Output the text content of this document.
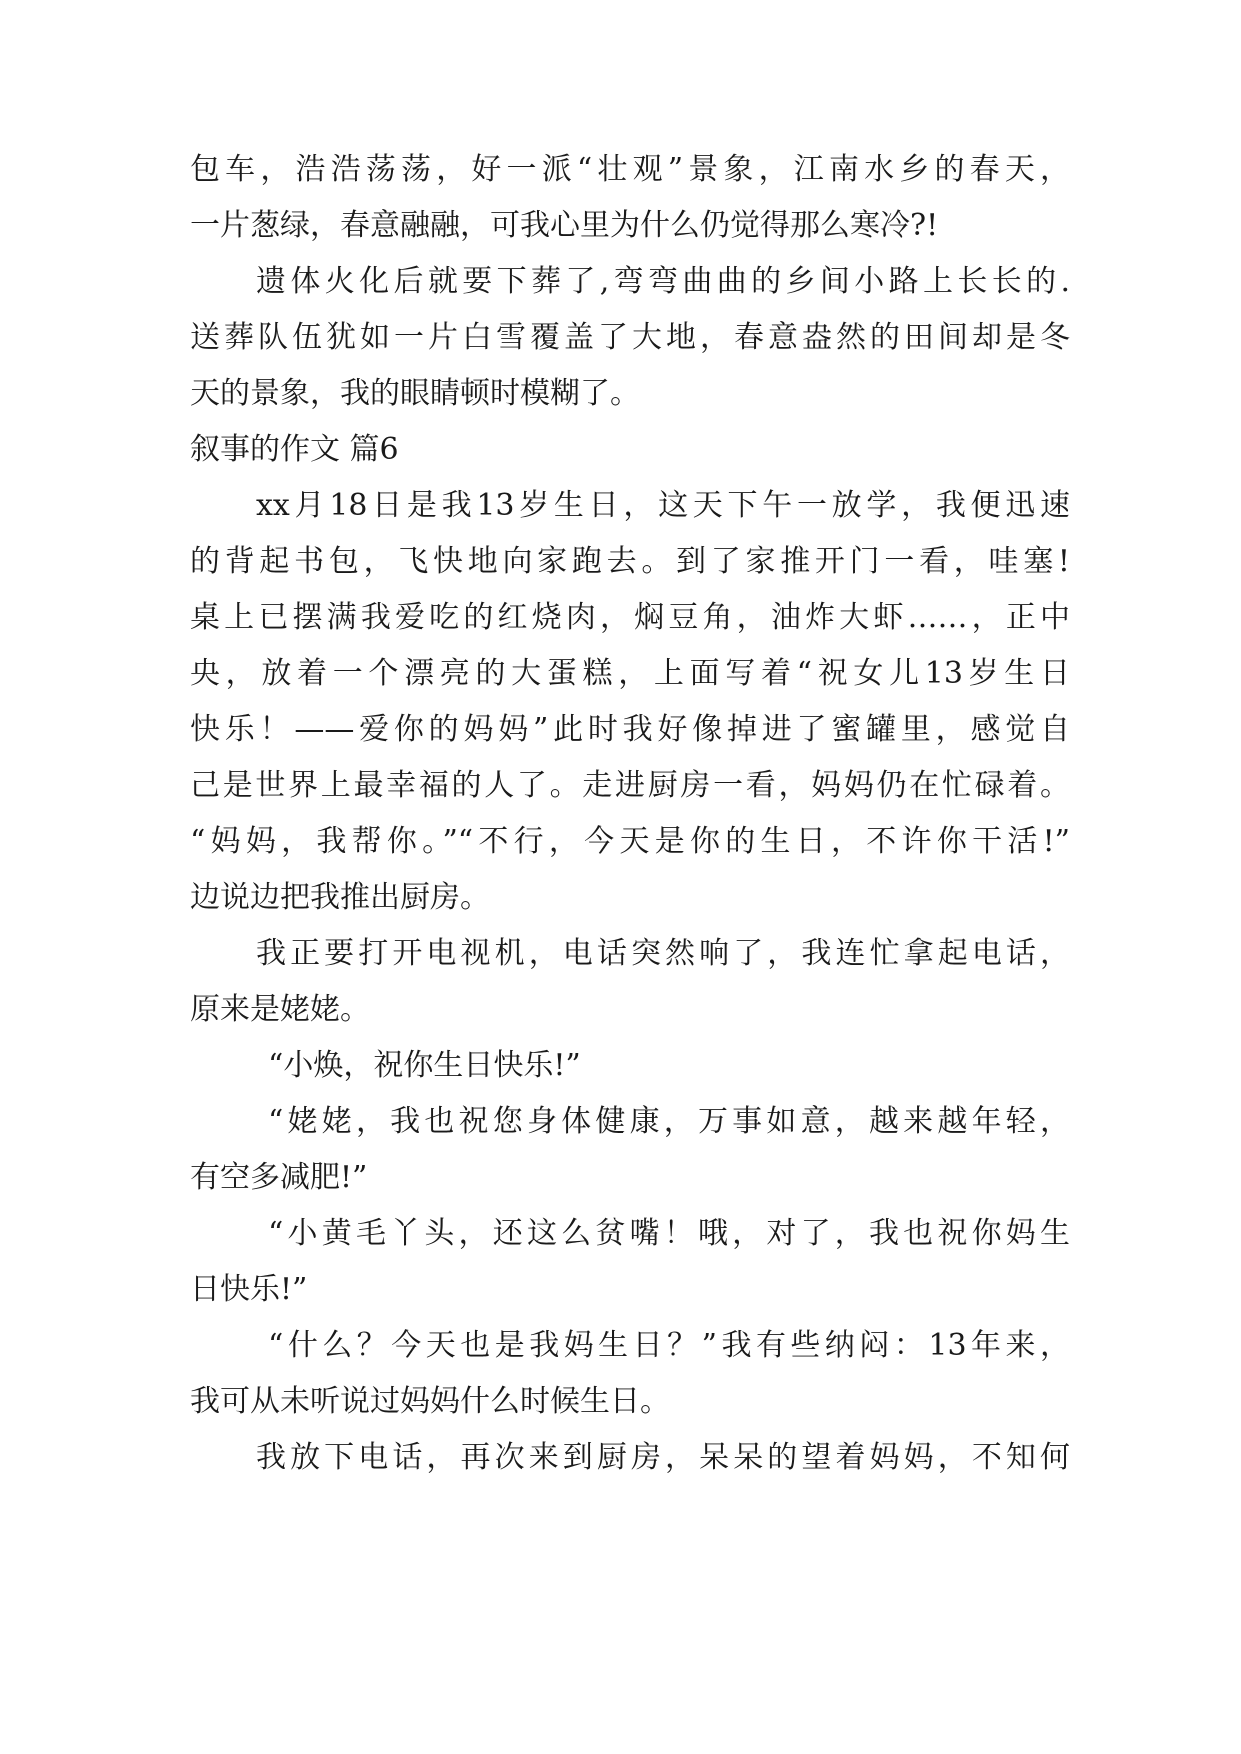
包车，浩浩荡荡，好一派“壮观”景象，江南水乡的春天，
一片葱绿，春意融融，可我心里为什么仍觉得那么寒冷?!
遗体火化后就要下葬了,弯弯曲曲的乡间小路上长长的.
送葬队伍犹如一片白雪覆盖了大地，春意盎然的田间却是冬
天的景象，我的眼睛顿时模糊了。
叙事的作文 篇6
xx月18日是我13岁生日，这天下午一放学，我便迅速
的背起书包，飞快地向家跑去。到了家推开门一看，哇塞!
桌上已摆满我爱吃的红烧肉，焖豆角，油炸大虾……，正中
央，放着一个漂亮的大蛋糕，上面写着“祝女儿13岁生日
快乐！——爱你的妈妈”此时我好像掉进了蜜罐里，感觉自
己是世界上最幸福的人了。走进厨房一看，妈妈仍在忙碌着。
“妈妈，我帮你。”“不行，今天是你的生日，不许你干活!”
边说边把我推出厨房。
我正要打开电视机，电话突然响了，我连忙拿起电话，
原来是姥姥。
“小焕，祝你生日快乐!”
“姥姥，我也祝您身体健康，万事如意，越来越年轻，
有空多减肥!”
“小黄毛丫头，还这么贫嘴！哦，对了，我也祝你妈生
日快乐!”
“什么？今天也是我妈生日？”我有些纳闷：13年来，
我可从未听说过妈妈什么时候生日。
我放下电话，再次来到厨房，呆呆的望着妈妈，不知何
